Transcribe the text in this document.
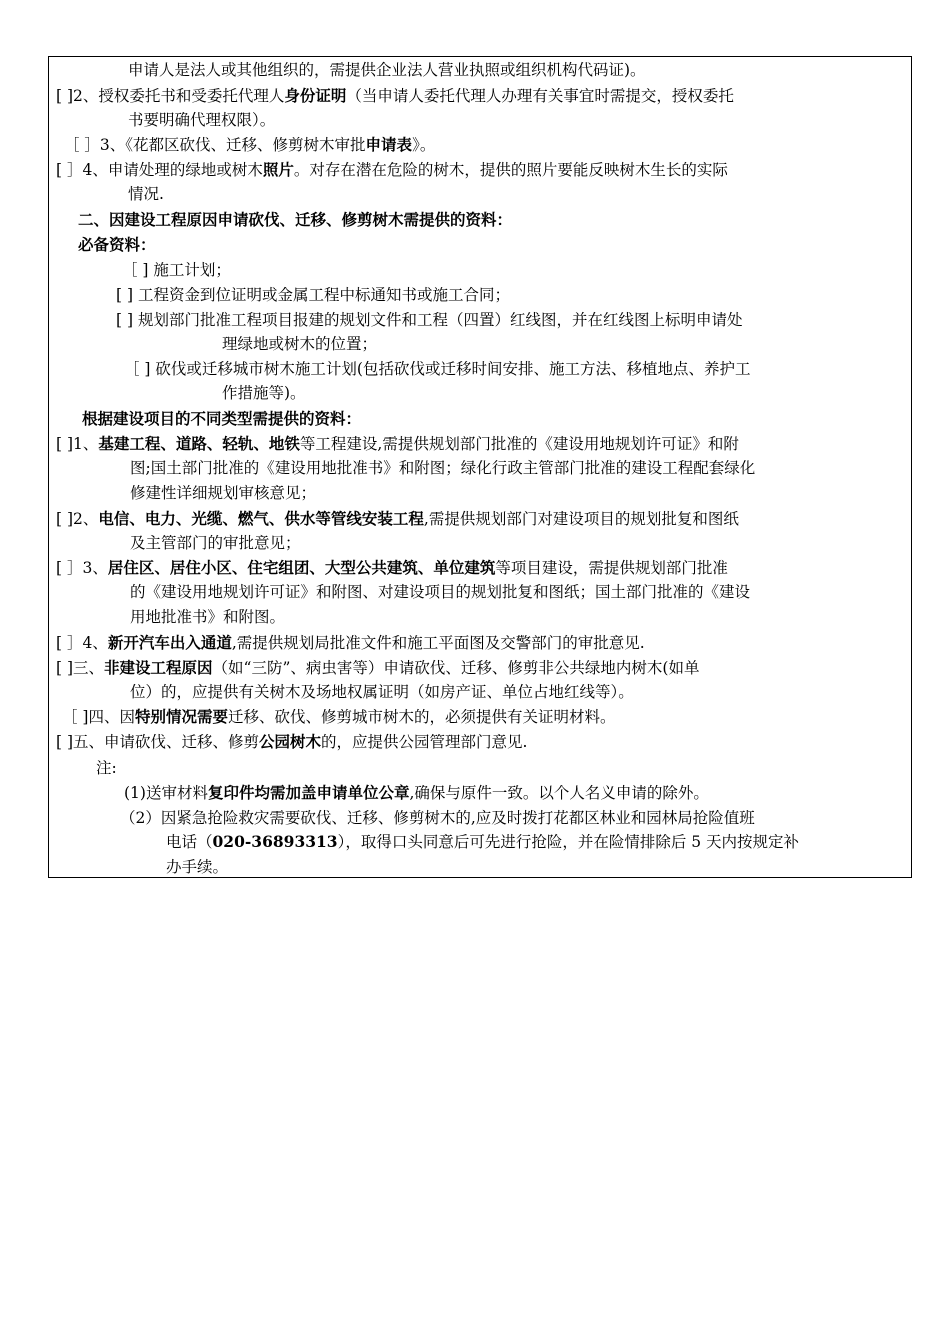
申请人是法人或其他组织的，需提供企业法人营业执照或组织机构代码证)。
[ ]2、授权委托书和受委托代理人身份证明（当申请人委托代理人办理有关事宜时需提交，授权委托
书要明确代理权限）。
［ ］3、《花都区砍伐、迁移、修剪树木审批申请表》。
[ ］4、申请处理的绿地或树木照片。对存在潜在危险的树木，提供的照片要能反映树木生长的实际
情况.
二、因建设工程原因申请砍伐、迁移、修剪树木需提供的资料：
必备资料：
［ ] 施工计划；
[ ] 工程资金到位证明或金属工程中标通知书或施工合同；
[ ] 规划部门批准工程项目报建的规划文件和工程（四置）红线图，并在红线图上标明申请处
理绿地或树木的位置；
［ ] 砍伐或迁移城市树木施工计划(包括砍伐或迁移时间安排、施工方法、移植地点、养护工
作措施等)。
根据建设项目的不同类型需提供的资料：
[ ]1、基建工程、道路、轻轨、地铁等工程建设,需提供规划部门批准的《建设用地规划许可证》和附
图;国土部门批准的《建设用地批准书》和附图；绿化行政主管部门批准的建设工程配套绿化
修建性详细规划审核意见；
[ ]2、电信、电力、光缆、燃气、供水等管线安装工程,需提供规划部门对建设项目的规划批复和图纸
及主管部门的审批意见；
[ ］3、居住区、居住小区、住宅组团、大型公共建筑、单位建筑等项目建设，需提供规划部门批准
的《建设用地规划许可证》和附图、对建设项目的规划批复和图纸；国土部门批准的《建设
用地批准书》和附图。
[ ］4、新开汽车出入通道,需提供规划局批准文件和施工平面图及交警部门的审批意见.
[ ]三、非建设工程原因（如“三防”、病虫害等）申请砍伐、迁移、修剪非公共绿地内树木(如单
位）的，应提供有关树木及场地权属证明（如房产证、单位占地红线等）。
［ ]四、因特别情况需要迁移、砍伐、修剪城市树木的，必须提供有关证明材料。
[ ]五、申请砍伐、迁移、修剪公园树木的，应提供公园管理部门意见.
注:
(1)送审材料复印件均需加盖申请单位公章,确保与原件一致。以个人名义申请的除外。
（2）因紧急抢险救灾需要砍伐、迁移、修剪树木的,应及时拨打花都区林业和园林局抢险值班
电话（020-36893313），取得口头同意后可先进行抢险，并在险情排除后 5 天内按规定补
办手续。
